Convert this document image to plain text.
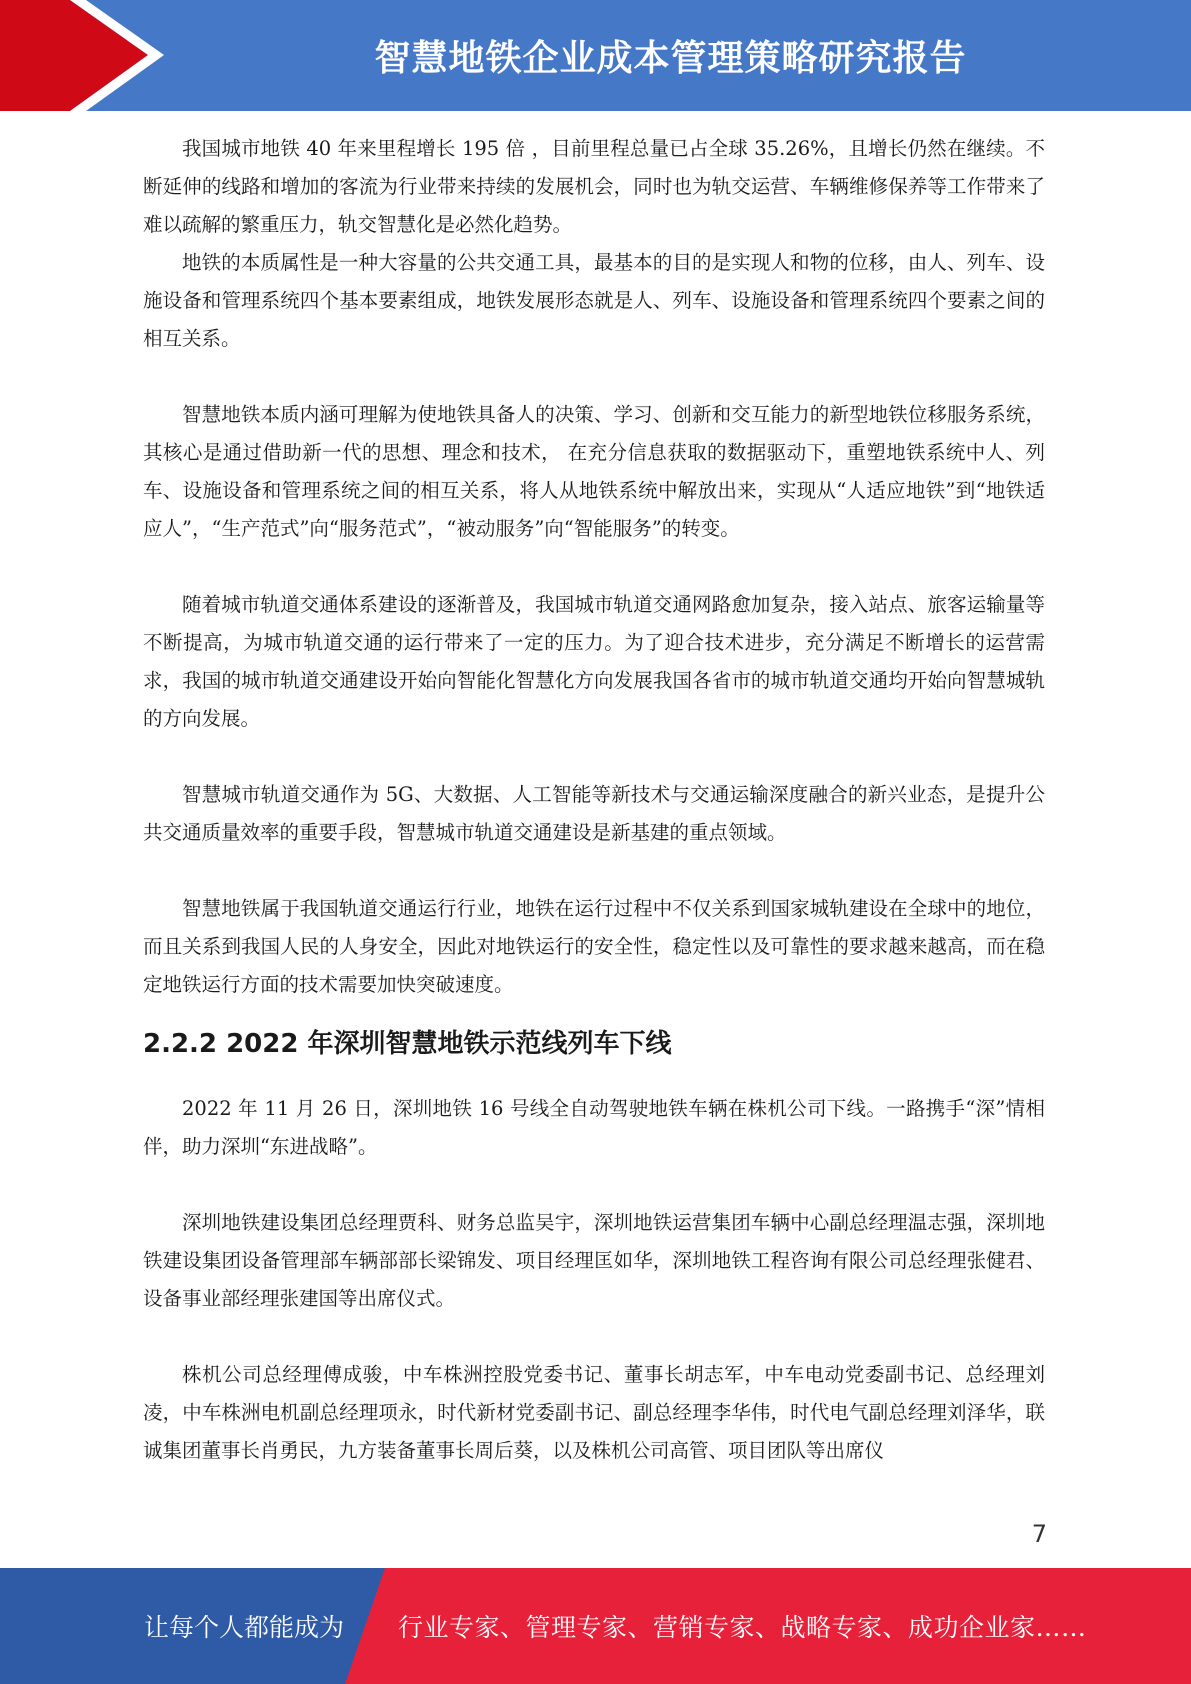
智慧地铁企业成本管理策略研究报告

我国城市地铁 40 年来里程增长 195 倍 ，目前里程总量已占全球 35.26%，且增长仍然在继续。不断延伸的线路和增加的客流为行业带来持续的发展机会，同时也为轨交运营、车辆维修保养等工作带来了难以疏解的繁重压力，轨交智慧化是必然化趋势。

地铁的本质属性是一种大容量的公共交通工具，最基本的目的是实现人和物的位移，由人、列车、设施设备和管理系统四个基本要素组成，地铁发展形态就是人、列车、设施设备和管理系统四个要素之间的相互关系。

智慧地铁本质内涵可理解为使地铁具备人的决策、学习、创新和交互能力的新型地铁位移服务系统，其核心是通过借助新一代的思想、理念和技术， 在充分信息获取的数据驱动下，重塑地铁系统中人、列车、设施设备和管理系统之间的相互关系，将人从地铁系统中解放出来，实现从“人适应地铁”到“地铁适应人”，“生产范式”向“服务范式”，“被动服务”向“智能服务”的转变。

随着城市轨道交通体系建设的逐渐普及，我国城市轨道交通网路愈加复杂，接入站点、旅客运输量等不断提高，为城市轨道交通的运行带来了一定的压力。为了迎合技术进步，充分满足不断增长的运营需求，我国的城市轨道交通建设开始向智能化智慧化方向发展我国各省市的城市轨道交通均开始向智慧城轨的方向发展。

智慧城市轨道交通作为 5G、大数据、人工智能等新技术与交通运输深度融合的新兴业态，是提升公共交通质量效率的重要手段，智慧城市轨道交通建设是新基建的重点领域。

智慧地铁属于我国轨道交通运行行业，地铁在运行过程中不仅关系到国家城轨建设在全球中的地位，而且关系到我国人民的人身安全，因此对地铁运行的安全性，稳定性以及可靠性的要求越来越高，而在稳定地铁运行方面的技术需要加快突破速度。

2.2.2 2022 年深圳智慧地铁示范线列车下线

2022 年 11 月 26 日，深圳地铁 16 号线全自动驾驶地铁车辆在株机公司下线。一路携手“深”情相伴，助力深圳“东进战略”。

深圳地铁建设集团总经理贾科、财务总监吴宇，深圳地铁运营集团车辆中心副总经理温志强，深圳地铁建设集团设备管理部车辆部部长梁锦发、项目经理匡如华，深圳地铁工程咨询有限公司总经理张健君、设备事业部经理张建国等出席仪式。

株机公司总经理傅成骏，中车株洲控股党委书记、董事长胡志军，中车电动党委副书记、总经理刘凌，中车株洲电机副总经理项永，时代新材党委副书记、副总经理李华伟，时代电气副总经理刘泽华，联诚集团董事长肖勇民，九方装备董事长周后葵，以及株机公司高管、项目团队等出席仪

7
让每个人都能成为 行业专家、管理专家、营销专家、战略专家、成功企业家……
